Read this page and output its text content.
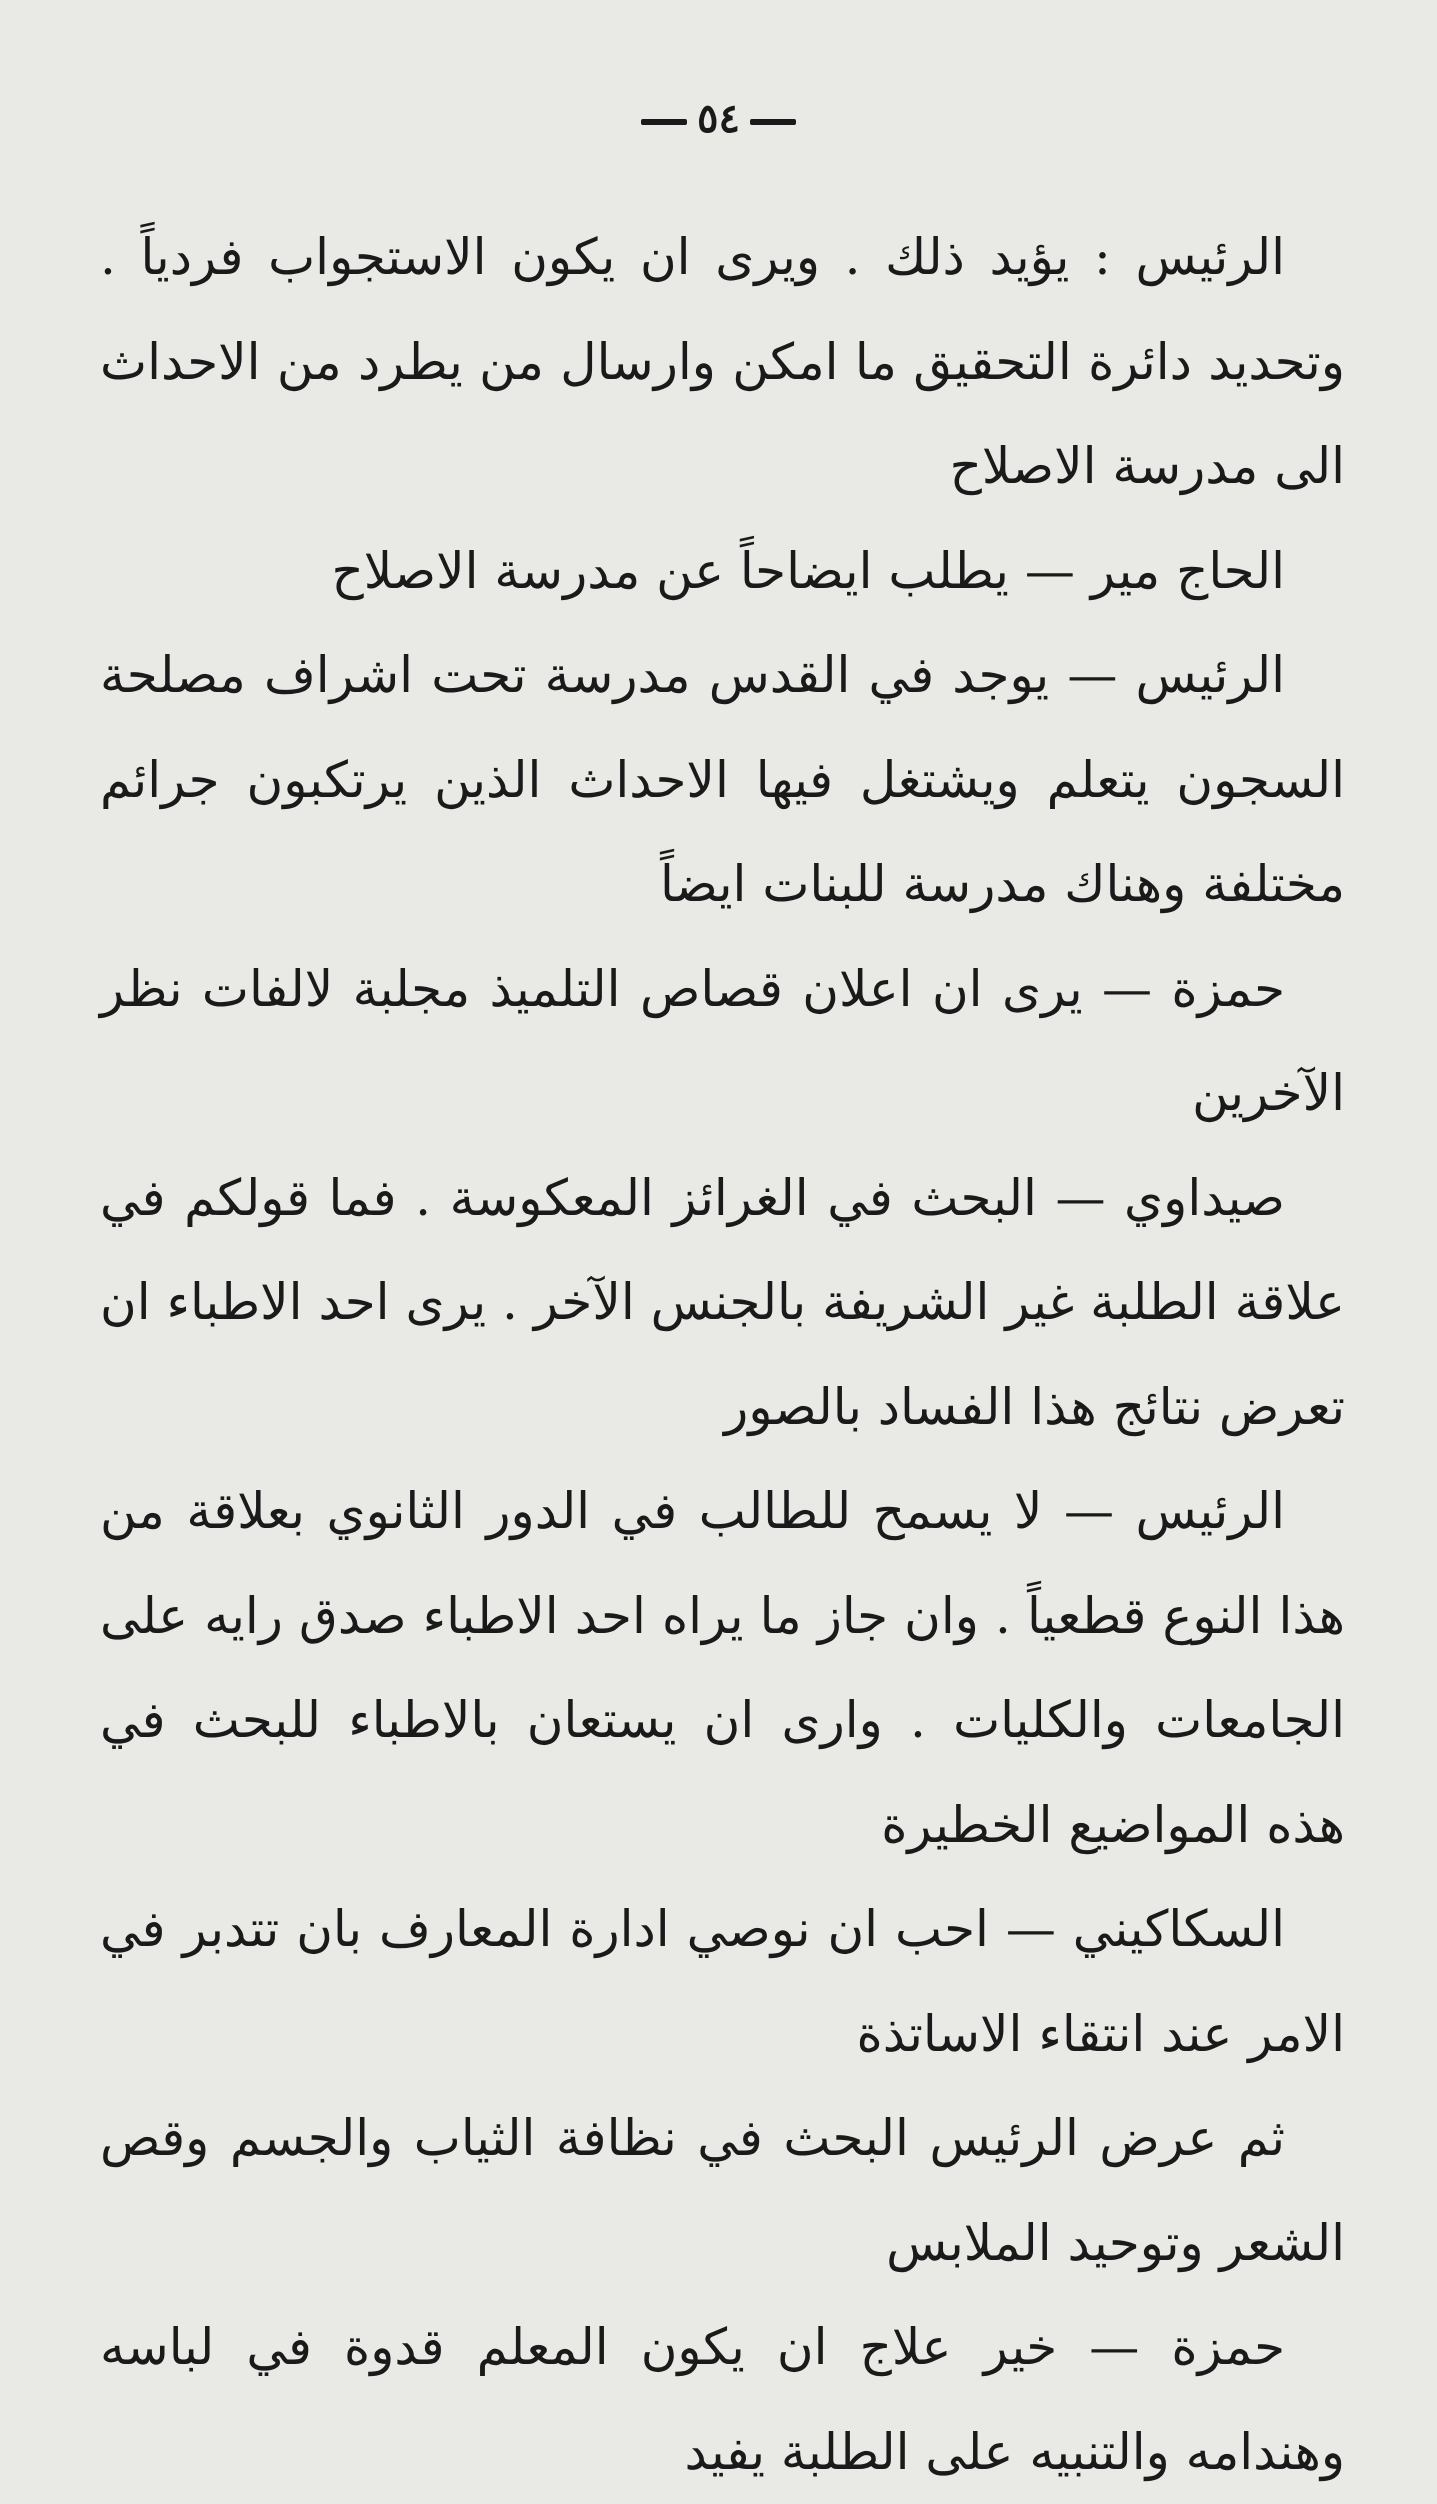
٥٤

الرئيس : يؤيد ذلك . ويرى ان يكون الاستجواب فردياً . وتحديد دائرة التحقيق ما امكن وارسال من يطرد من الاحداث الى مدرسة الاصلاح

الحاج مير — يطلب ايضاحاً عن مدرسة الاصلاح

الرئيس — يوجد في القدس مدرسة تحت اشراف مصلحة السجون يتعلم ويشتغل فيها الاحداث الذين يرتكبون جرائم مختلفة وهناك مدرسة للبنات ايضاً

حمزة — يرى ان اعلان قصاص التلميذ مجلبة لالفات نظر الآخرين

صيداوي — البحث في الغرائز المعكوسة . فما قولكم في علاقة الطلبة غير الشريفة بالجنس الآخر . يرى احد الاطباء ان تعرض نتائج هذا الفساد بالصور

الرئيس — لا يسمح للطالب في الدور الثانوي بعلاقة من هذا النوع قطعياً . وان جاز ما يراه احد الاطباء صدق رايه على الجامعات والكليات . وارى ان يستعان بالاطباء للبحث في هذه المواضيع الخطيرة

السكاكيني — احب ان نوصي ادارة المعارف بان تتدبر في الامر عند انتقاء الاساتذة

ثم عرض الرئيس البحث في نظافة الثياب والجسم وقص الشعر وتوحيد الملابس

حمزة — خير علاج ان يكون المعلم قدوة في لباسه وهندامه والتنبيه على الطلبة يفيد
